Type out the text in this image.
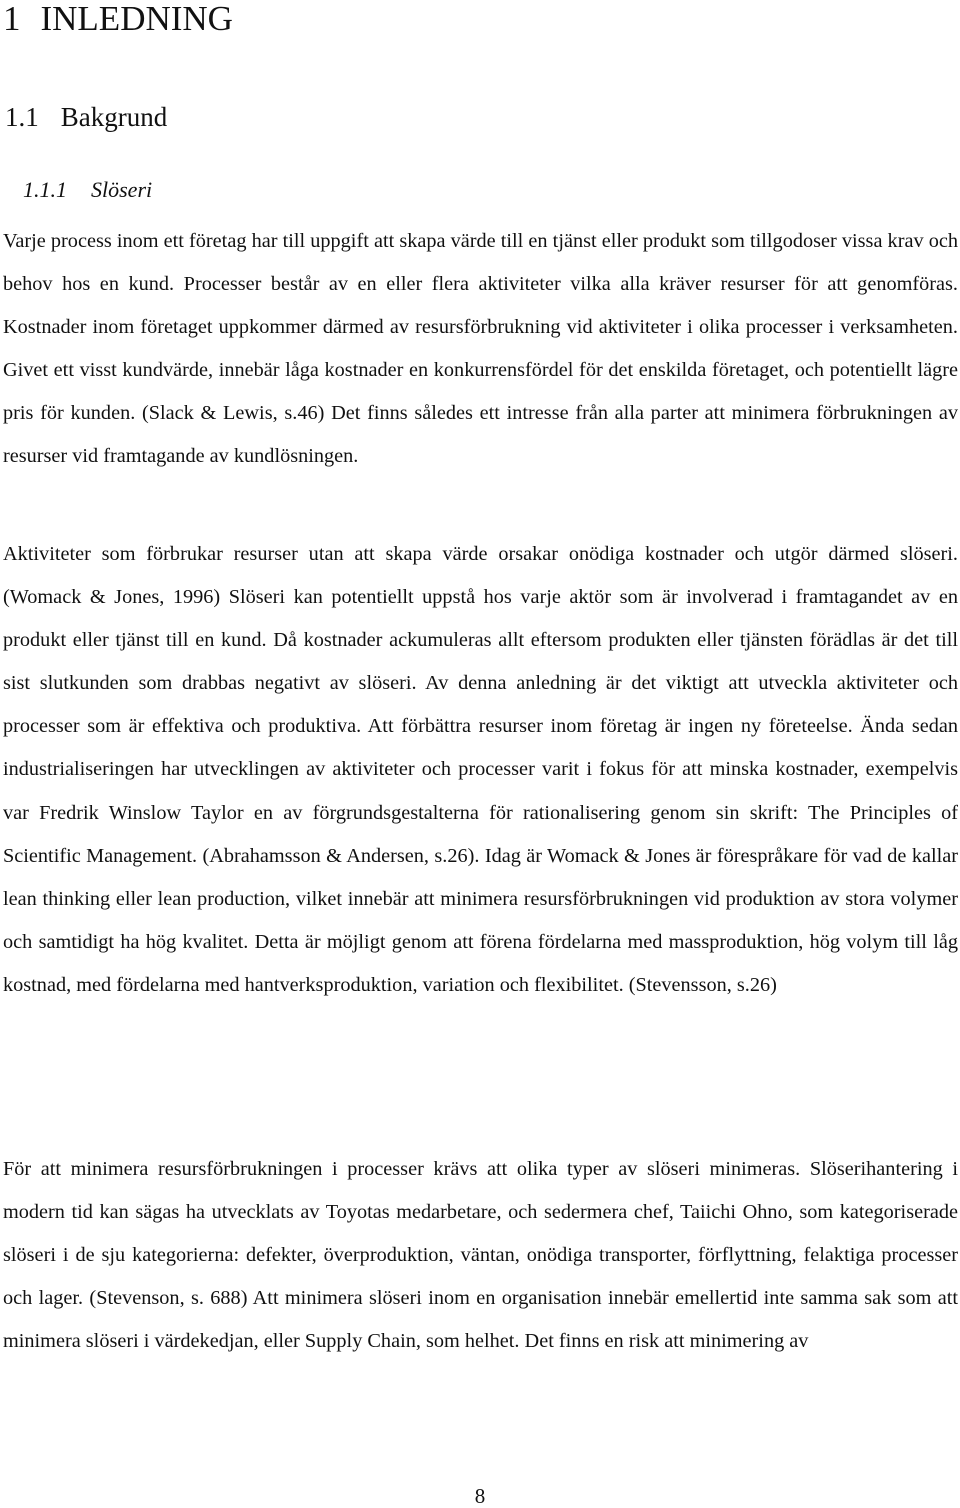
1 INLEDNING
1.1 Bakgrund
1.1.1 Slöseri

Varje process inom ett företag har till uppgift att skapa värde till en tjänst eller produkt som tillgodoser vissa krav och behov hos en kund. Processer består av en eller flera aktiviteter vilka alla kräver resurser för att genomföras. Kostnader inom företaget uppkommer därmed av resursförbrukning vid aktiviteter i olika processer i verksamheten. Givet ett visst kundvärde, innebär låga kostnader en konkurrensfördel för det enskilda företaget, och potentiellt lägre pris för kunden. (Slack & Lewis, s.46) Det finns således ett intresse från alla parter att minimera förbrukningen av resurser vid framtagande av kundlösningen.

Aktiviteter som förbrukar resurser utan att skapa värde orsakar onödiga kostnader och utgör därmed slöseri. (Womack & Jones, 1996) Slöseri kan potentiellt uppstå hos varje aktör som är involverad i framtagandet av en produkt eller tjänst till en kund. Då kostnader ackumuleras allt eftersom produkten eller tjänsten förädlas är det till sist slutkunden som drabbas negativt av slöseri. Av denna anledning är det viktigt att utveckla aktiviteter och processer som är effektiva och produktiva. Att förbättra resurser inom företag är ingen ny företeelse. Ända sedan industrialiseringen har utvecklingen av aktiviteter och processer varit i fokus för att minska kostnader, exempelvis var Fredrik Winslow Taylor en av förgrundsgestalterna för rationalisering genom sin skrift: The Principles of Scientific Management. (Abrahamsson & Andersen, s.26). Idag är Womack & Jones är förespråkare för vad de kallar lean thinking eller lean production, vilket innebär att minimera resursförbrukningen vid produktion av stora volymer och samtidigt ha hög kvalitet. Detta är möjligt genom att förena fördelarna med massproduktion, hög volym till låg kostnad, med fördelarna med hantverksproduktion, variation och flexibilitet. (Stevensson, s.26)

För att minimera resursförbrukningen i processer krävs att olika typer av slöseri minimeras. Slöserihantering i modern tid kan sägas ha utvecklats av Toyotas medarbetare, och sedermera chef, Taiichi Ohno, som kategoriserade slöseri i de sju kategorierna: defekter, överproduktion, väntan, onödiga transporter, förflyttning, felaktiga processer och lager. (Stevenson, s. 688) Att minimera slöseri inom en organisation innebär emellertid inte samma sak som att minimera slöseri i värdekedjan, eller Supply Chain, som helhet. Det finns en risk att minimering av

8
